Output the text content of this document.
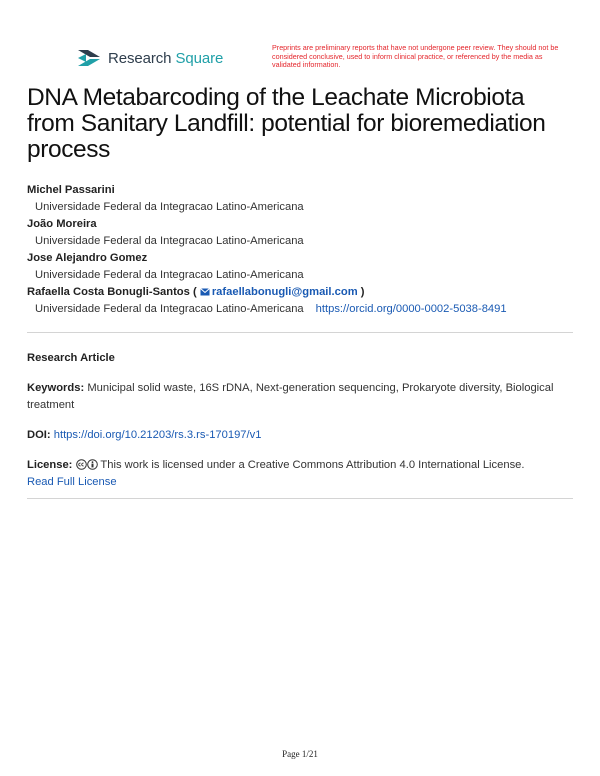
Research Square
Preprints are preliminary reports that have not undergone peer review. They should not be considered conclusive, used to inform clinical practice, or referenced by the media as validated information.
DNA Metabarcoding of the Leachate Microbiota from Sanitary Landfill: potential for bioremediation process
Michel Passarini
Universidade Federal da Integracao Latino-Americana
João Moreira
Universidade Federal da Integracao Latino-Americana
Jose Alejandro Gomez
Universidade Federal da Integracao Latino-Americana
Rafaella Costa Bonugli-Santos ( rafaellabonugli@gmail.com )
Universidade Federal da Integracao Latino-Americana https://orcid.org/0000-0002-5038-8491
Research Article
Keywords: Municipal solid waste, 16S rDNA, Next-generation sequencing, Prokaryote diversity, Biological treatment
DOI: https://doi.org/10.21203/rs.3.rs-170197/v1
License:	This work is licensed under a Creative Commons Attribution 4.0 International License.
Read Full License
Page 1/21
